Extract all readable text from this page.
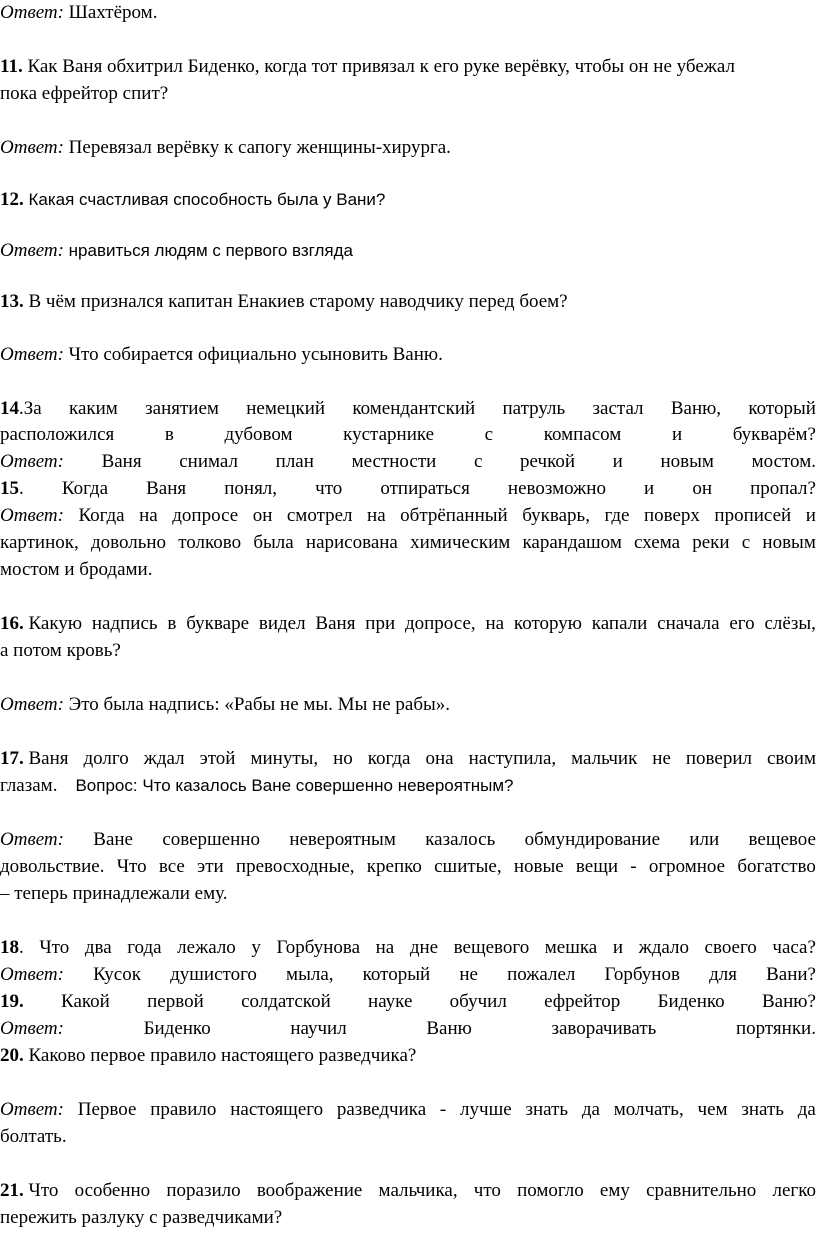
Ответ: Шахтёром.
11. Как Ваня обхитрил Биденко, когда тот привязал к его руке верёвку, чтобы он не убежал
пока ефрейтор спит?
Ответ: Перевязал верёвку к сапогу женщины-хирурга.
12. Какая счастливая способность была у Вани?
Ответ: нравиться людям с первого взгляда
13. В чём признался капитан Енакиев старому наводчику перед боем?
Ответ: Что собирается официально усыновить Ваню.
14.За каким занятием немецкий комендантский патруль застал Ваню, который
расположился	в	дубовом	кустарнике	с	компасом	и	букварём?
Ответ: Ваня снимал план местности с речкой и новым мостом.
15. Когда Ваня понял, что отпираться невозможно и он пропал?
Ответ: Когда на допросе он смотрел на обтрёпанный букварь, где поверх прописей и
картинок, довольно толково была нарисована химическим карандашом схема реки с новым
мостом и бродами.
16. Какую надпись в букваре видел Ваня при допросе, на которую капали сначала его слёзы,
а потом кровь?
Ответ: Это была надпись: «Рабы не мы. Мы не рабы».
17. Ваня долго ждал этой минуты, но когда она наступила, мальчик не поверил своим
глазам. Вопрос: Что казалось Ване совершенно невероятным?
Ответ: Ване совершенно невероятным казалось обмундирование или вещевое
довольствие. Что все эти превосходные, крепко сшитые, новые вещи - огромное богатство
– теперь принадлежали ему.
18. Что два года лежало у Горбунова на дне вещевого мешка и ждало своего часа?
Ответ: Кусок душистого мыла, который не пожалел Горбунов для Вани?
19. Какой первой солдатской науке обучил ефрейтор Биденко Ваню?
Ответ:	Биденко	научил	Ваню	заворачивать	портянки.
20. Каково первое правило настоящего разведчика?
Ответ: Первое правило настоящего разведчика - лучше знать да молчать, чем знать да
болтать.
21. Что особенно поразило воображение мальчика, что помогло ему сравнительно легко
пережить разлуку с разведчиками?
